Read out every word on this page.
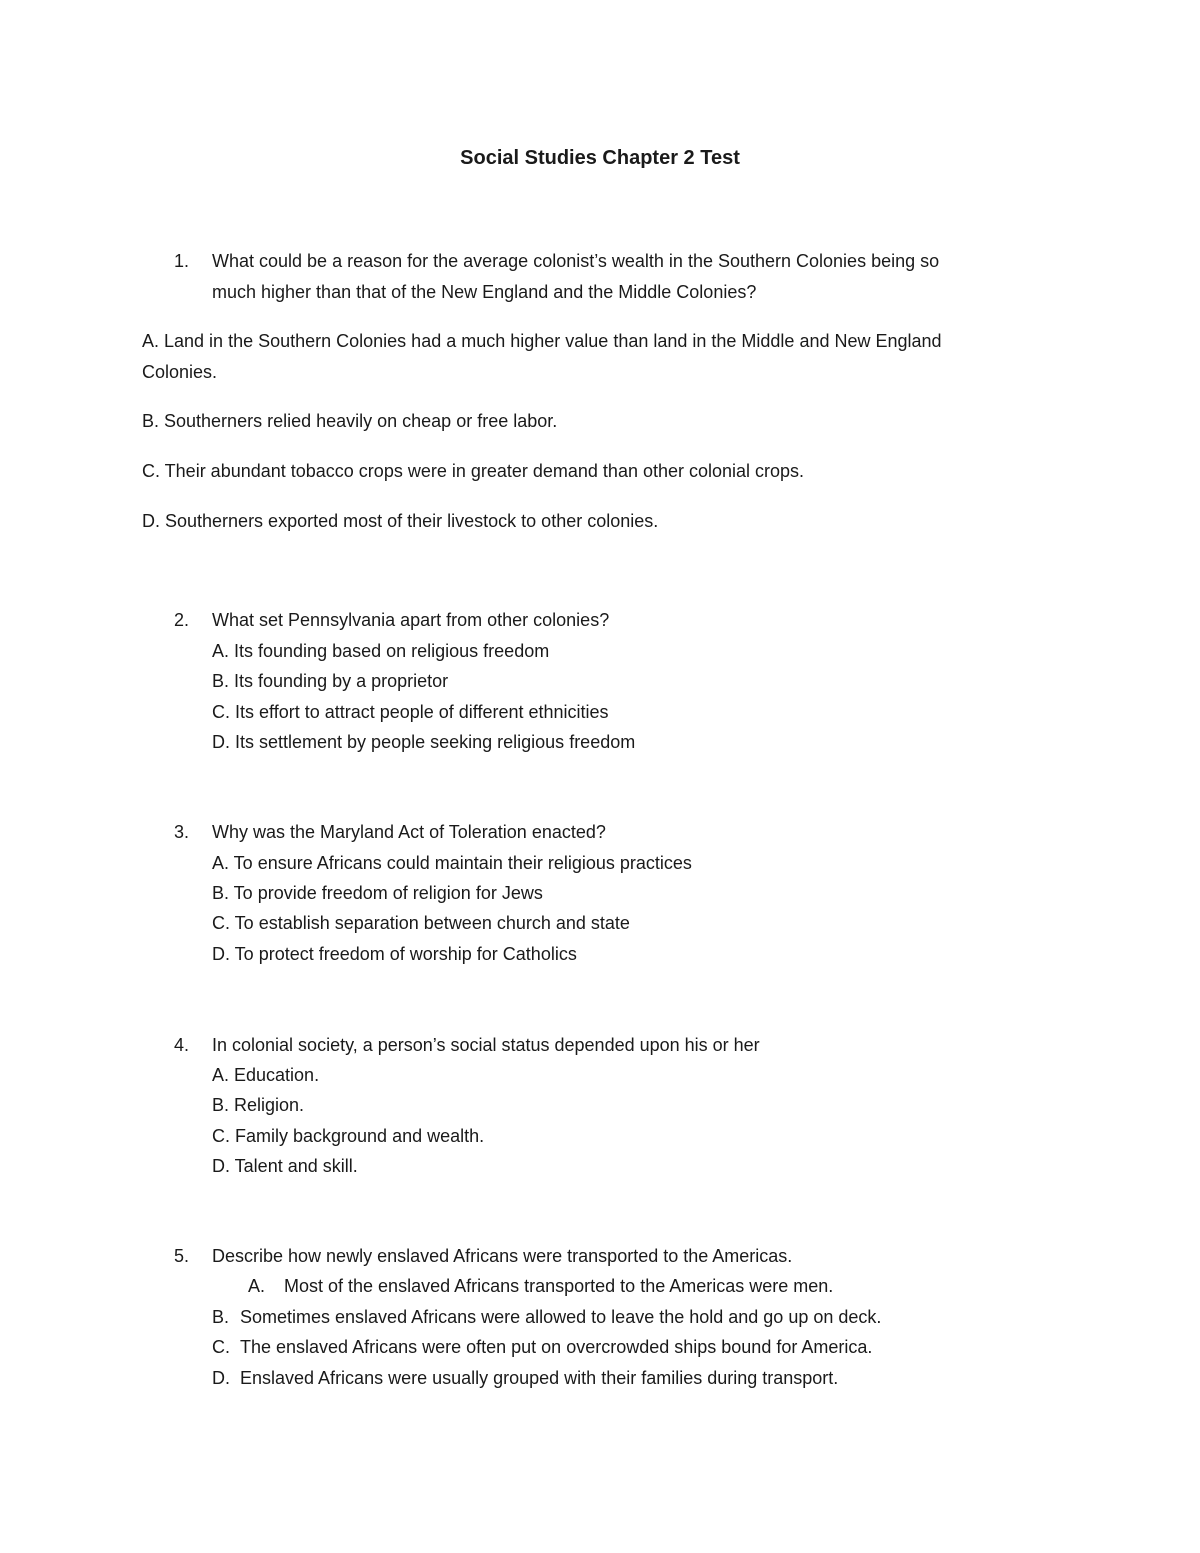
Social Studies Chapter 2 Test
1. What could be a reason for the average colonist’s wealth in the Southern Colonies being so
much higher than that of the New England and the Middle Colonies?
A. Land in the Southern Colonies had a much higher value than land in the Middle and New England
Colonies.
B. Southerners relied heavily on cheap or free labor.
C. Their abundant tobacco crops were in greater demand than other colonial crops.
D. Southerners exported most of their livestock to other colonies.
2. What set Pennsylvania apart from other colonies?
A. Its founding based on religious freedom
B. Its founding by a proprietor
C. Its effort to attract people of different ethnicities
D. Its settlement by people seeking religious freedom
3. Why was the Maryland Act of Toleration enacted?
A. To ensure Africans could maintain their religious practices
B. To provide freedom of religion for Jews
C. To establish separation between church and state
D. To protect freedom of worship for Catholics
4. In colonial society, a person’s social status depended upon his or her
A. Education.
B. Religion.
C. Family background and wealth.
D. Talent and skill.
5. Describe how newly enslaved Africans were transported to the Americas.
A. Most of the enslaved Africans transported to the Americas were men.
B. Sometimes enslaved Africans were allowed to leave the hold and go up on deck.
C. The enslaved Africans were often put on overcrowded ships bound for America.
D. Enslaved Africans were usually grouped with their families during transport.
